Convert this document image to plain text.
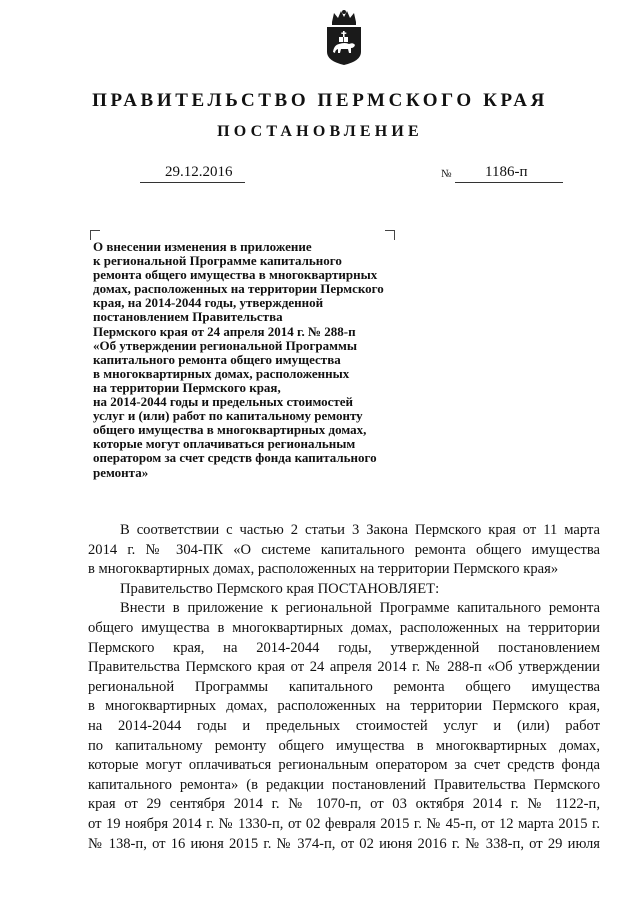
ПРАВИТЕЛЬСТВО ПЕРМСКОГО КРАЯ
ПОСТАНОВЛЕНИЕ
29.12.2016	№ 1186-п
О внесении изменения в приложение
к региональной Программе капитального
ремонта общего имущества в многоквартирных
домах, расположенных на территории Пермского
края, на 2014-2044 годы, утвержденной
постановлением Правительства
Пермского края от 24 апреля 2014 г. № 288-п
«Об утверждении региональной Программы
капитального ремонта общего имущества
в многоквартирных домах, расположенных
на территории Пермского края,
на 2014-2044 годы и предельных стоимостей
услуг и (или) работ по капитальному ремонту
общего имущества в многоквартирных домах,
которые могут оплачиваться региональным
оператором за счет средств фонда капитального
ремонта»
В соответствии с частью 2 статьи 3 Закона Пермского края от 11 марта
2014 г. № 304-ПК «О системе капитального ремонта общего имущества
в многоквартирных домах, расположенных на территории Пермского края»
Правительство Пермского края ПОСТАНОВЛЯЕТ:
Внести в приложение к региональной Программе капитального ремонта
общего имущества в многоквартирных домах, расположенных на территории
Пермского края, на 2014-2044 годы, утвержденной постановлением
Правительства Пермского края от 24 апреля 2014 г. № 288-п «Об утверждении
региональной Программы капитального ремонта общего имущества
в многоквартирных домах, расположенных на территории Пермского края,
на 2014-2044 годы и предельных стоимостей услуг и (или) работ
по капитальному ремонту общего имущества в многоквартирных домах,
которые могут оплачиваться региональным оператором за счет средств фонда
капитального ремонта» (в редакции постановлений Правительства Пермского
края от 29 сентября 2014 г. № 1070-п, от 03 октября 2014 г. № 1122-п,
от 19 ноября 2014 г. № 1330-п, от 02 февраля 2015 г. № 45-п, от 12 марта 2015 г.
№ 138-п, от 16 июня 2015 г. № 374-п, от 02 июня 2016 г. № 338-п, от 29 июля
